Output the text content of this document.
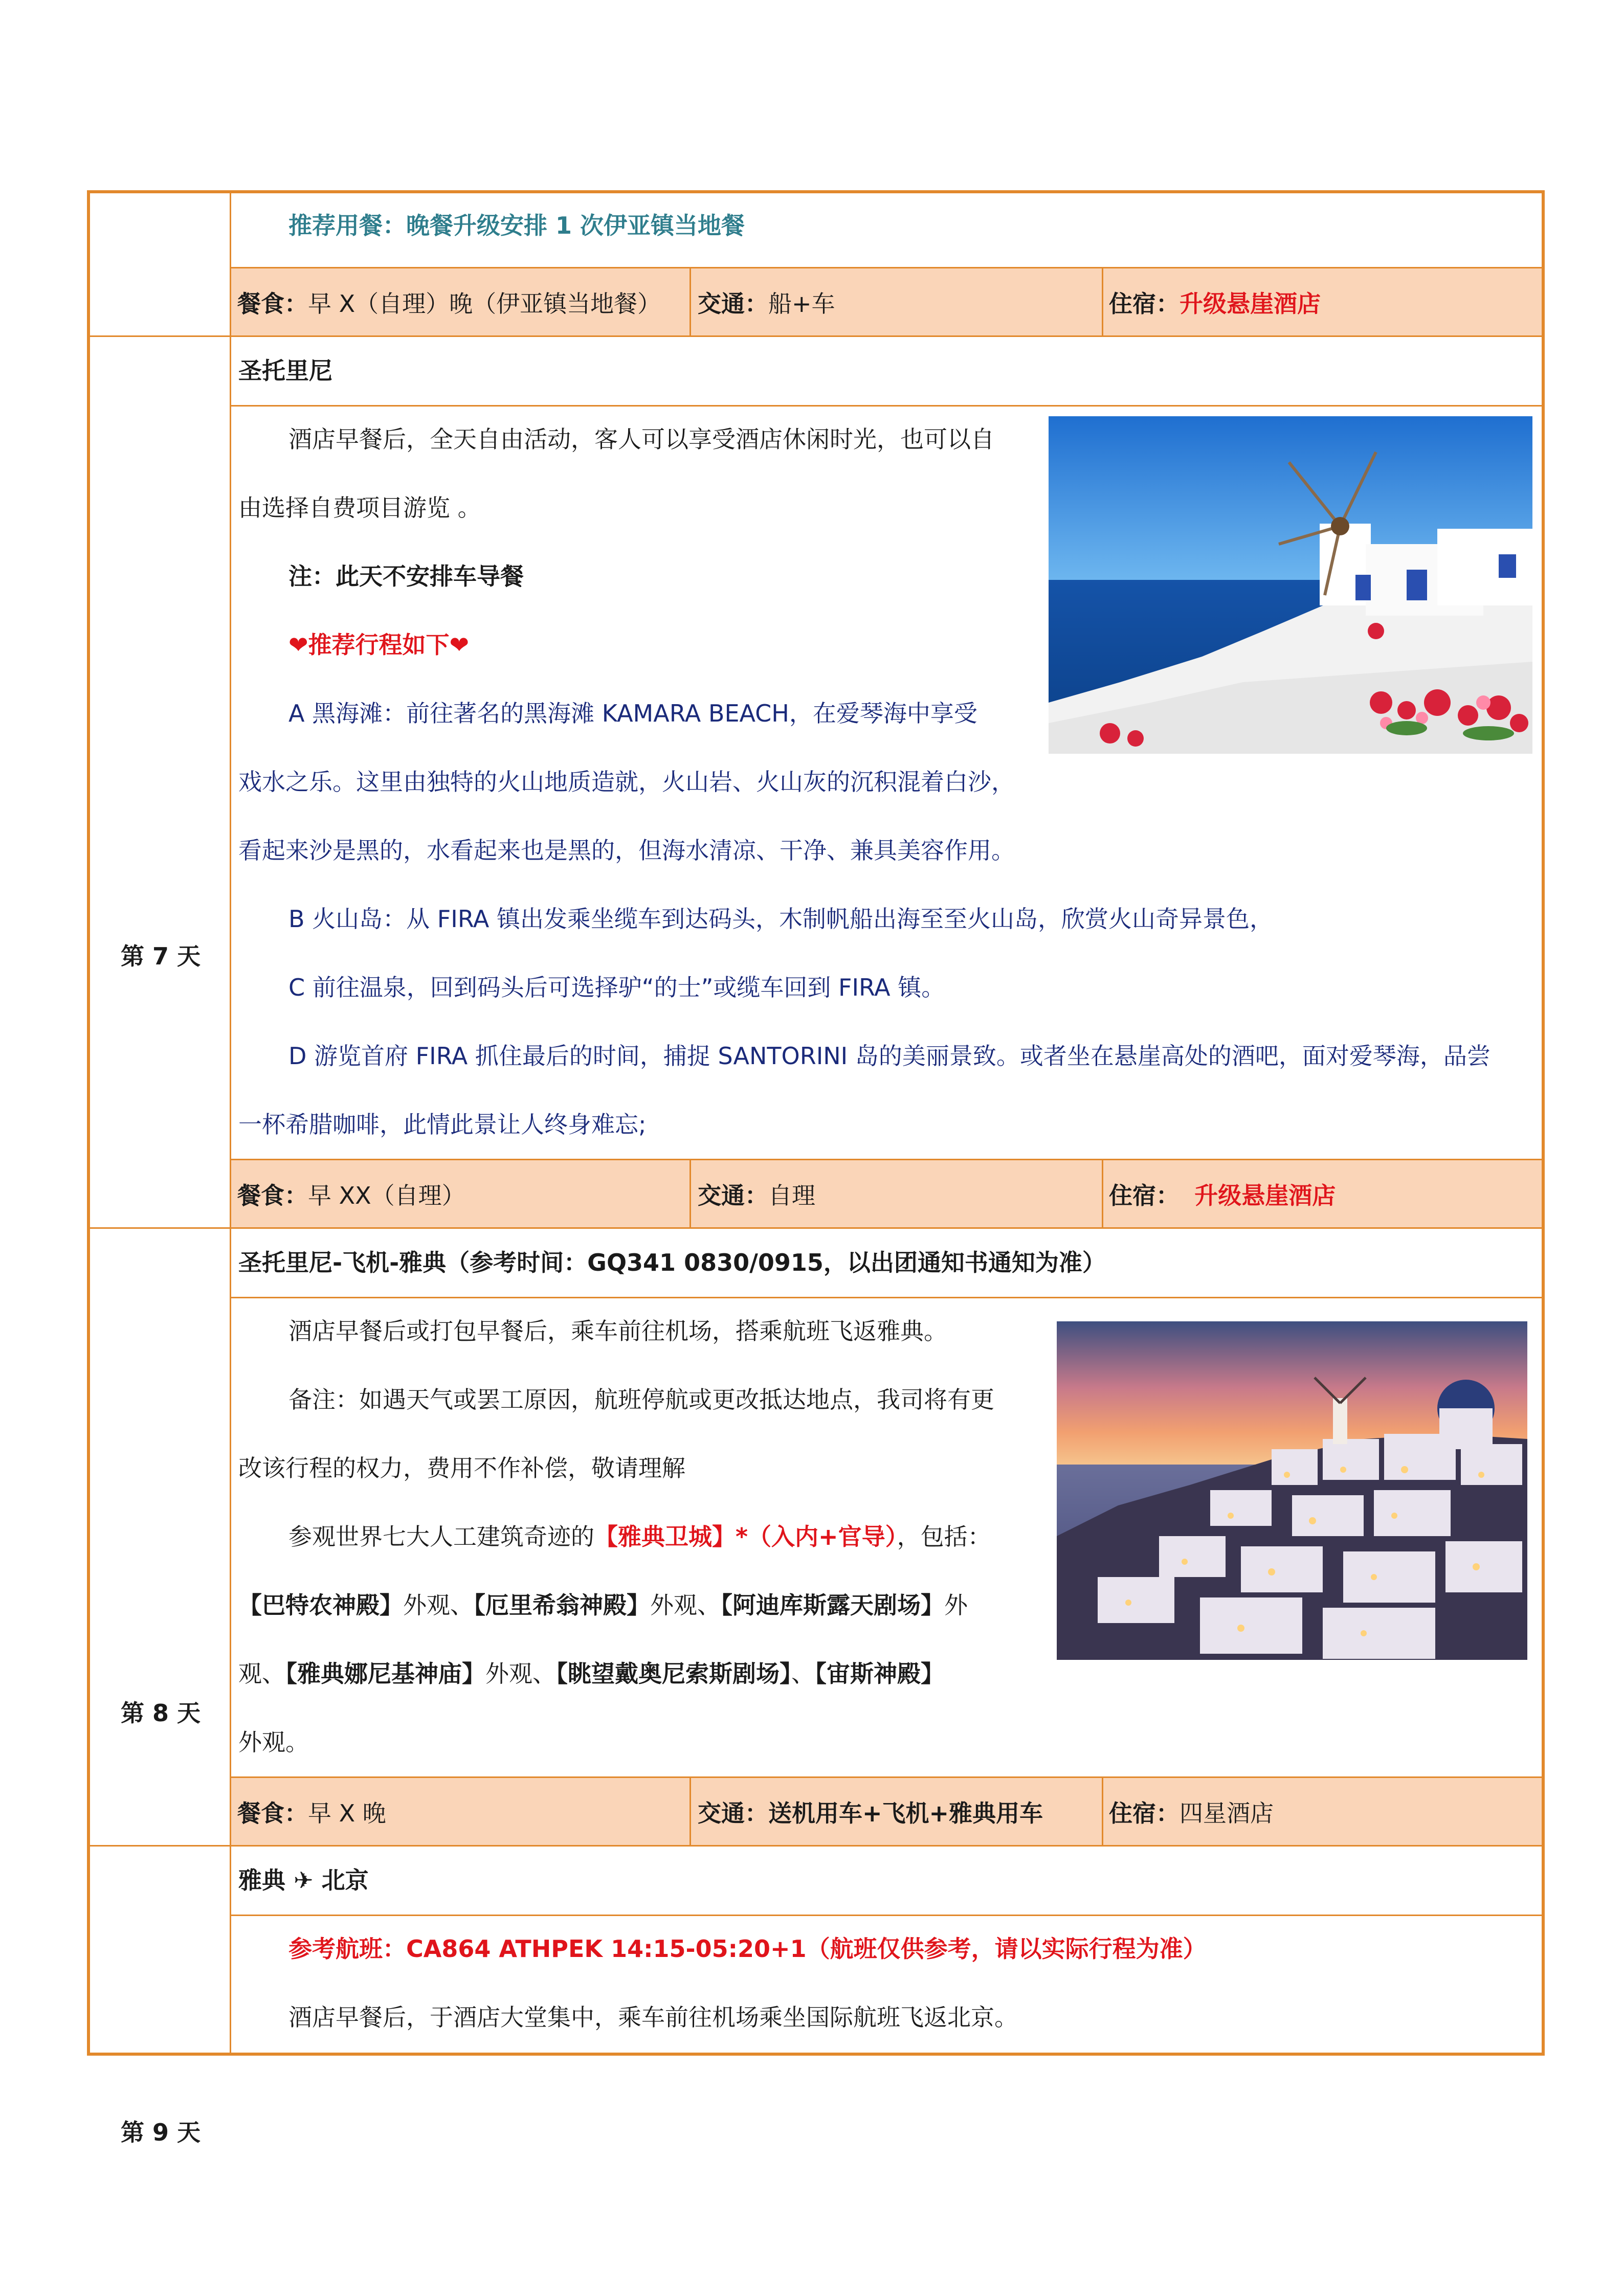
推荐用餐：晚餐升级安排 1 次伊亚镇当地餐
餐食：早 X（自理）晚（伊亚镇当地餐） 交通：船+车	住宿：升级悬崖酒店
第 7 天
圣托里尼
酒店早餐后，全天自由活动，客人可以享受酒店休闲时光，也可以自
由选择自费项目游览 。
注：此天不安排车导餐
❤推荐行程如下❤
A 黑海滩：前往著名的黑海滩 KAMARA BEACH，在爱琴海中享受
戏水之乐。这里由独特的火山地质造就，火山岩、火山灰的沉积混着白沙，
看起来沙是黑的，水看起来也是黑的，但海水清凉、干净、兼具美容作用。
B 火山岛：从 FIRA 镇出发乘坐缆车到达码头，木制帆船出海至至火山岛，欣赏火山奇异景色，
C 前往温泉，回到码头后可选择驴“的士”或缆车回到 FIRA 镇。
D 游览首府 FIRA 抓住最后的时间，捕捉 SANTORINI 岛的美丽景致。或者坐在悬崖高处的酒吧，面对爱琴海，品尝
一杯希腊咖啡，此情此景让人终身难忘;
餐食：早 XX（自理）	交通：自理	住宿： 升级悬崖酒店
第 8 天
圣托里尼-飞机-雅典（参考时间：GQ341 0830/0915，以出团通知书通知为准）
酒店早餐后或打包早餐后，乘车前往机场，搭乘航班飞返雅典。
备注：如遇天气或罢工原因，航班停航或更改抵达地点，我司将有更
改该行程的权力，费用不作补偿，敬请理解
参观世界七大人工建筑奇迹的【雅典卫城】*（入内+官导），包括：
【巴特农神殿】外观、【厄里希翁神殿】外观、【阿迪库斯露天剧场】外
观、【雅典娜尼基神庙】外观、【眺望戴奥尼索斯剧场】、【宙斯神殿】
外观。
餐食：早 X 晚	交通：送机用车+飞机+雅典用车	住宿：四星酒店
第 9 天
雅典 ✈ 北京
参考航班：CA864 ATHPEK 14:15-05:20+1（航班仅供参考，请以实际行程为准）
酒店早餐后，于酒店大堂集中，乘车前往机场乘坐国际航班飞返北京。
